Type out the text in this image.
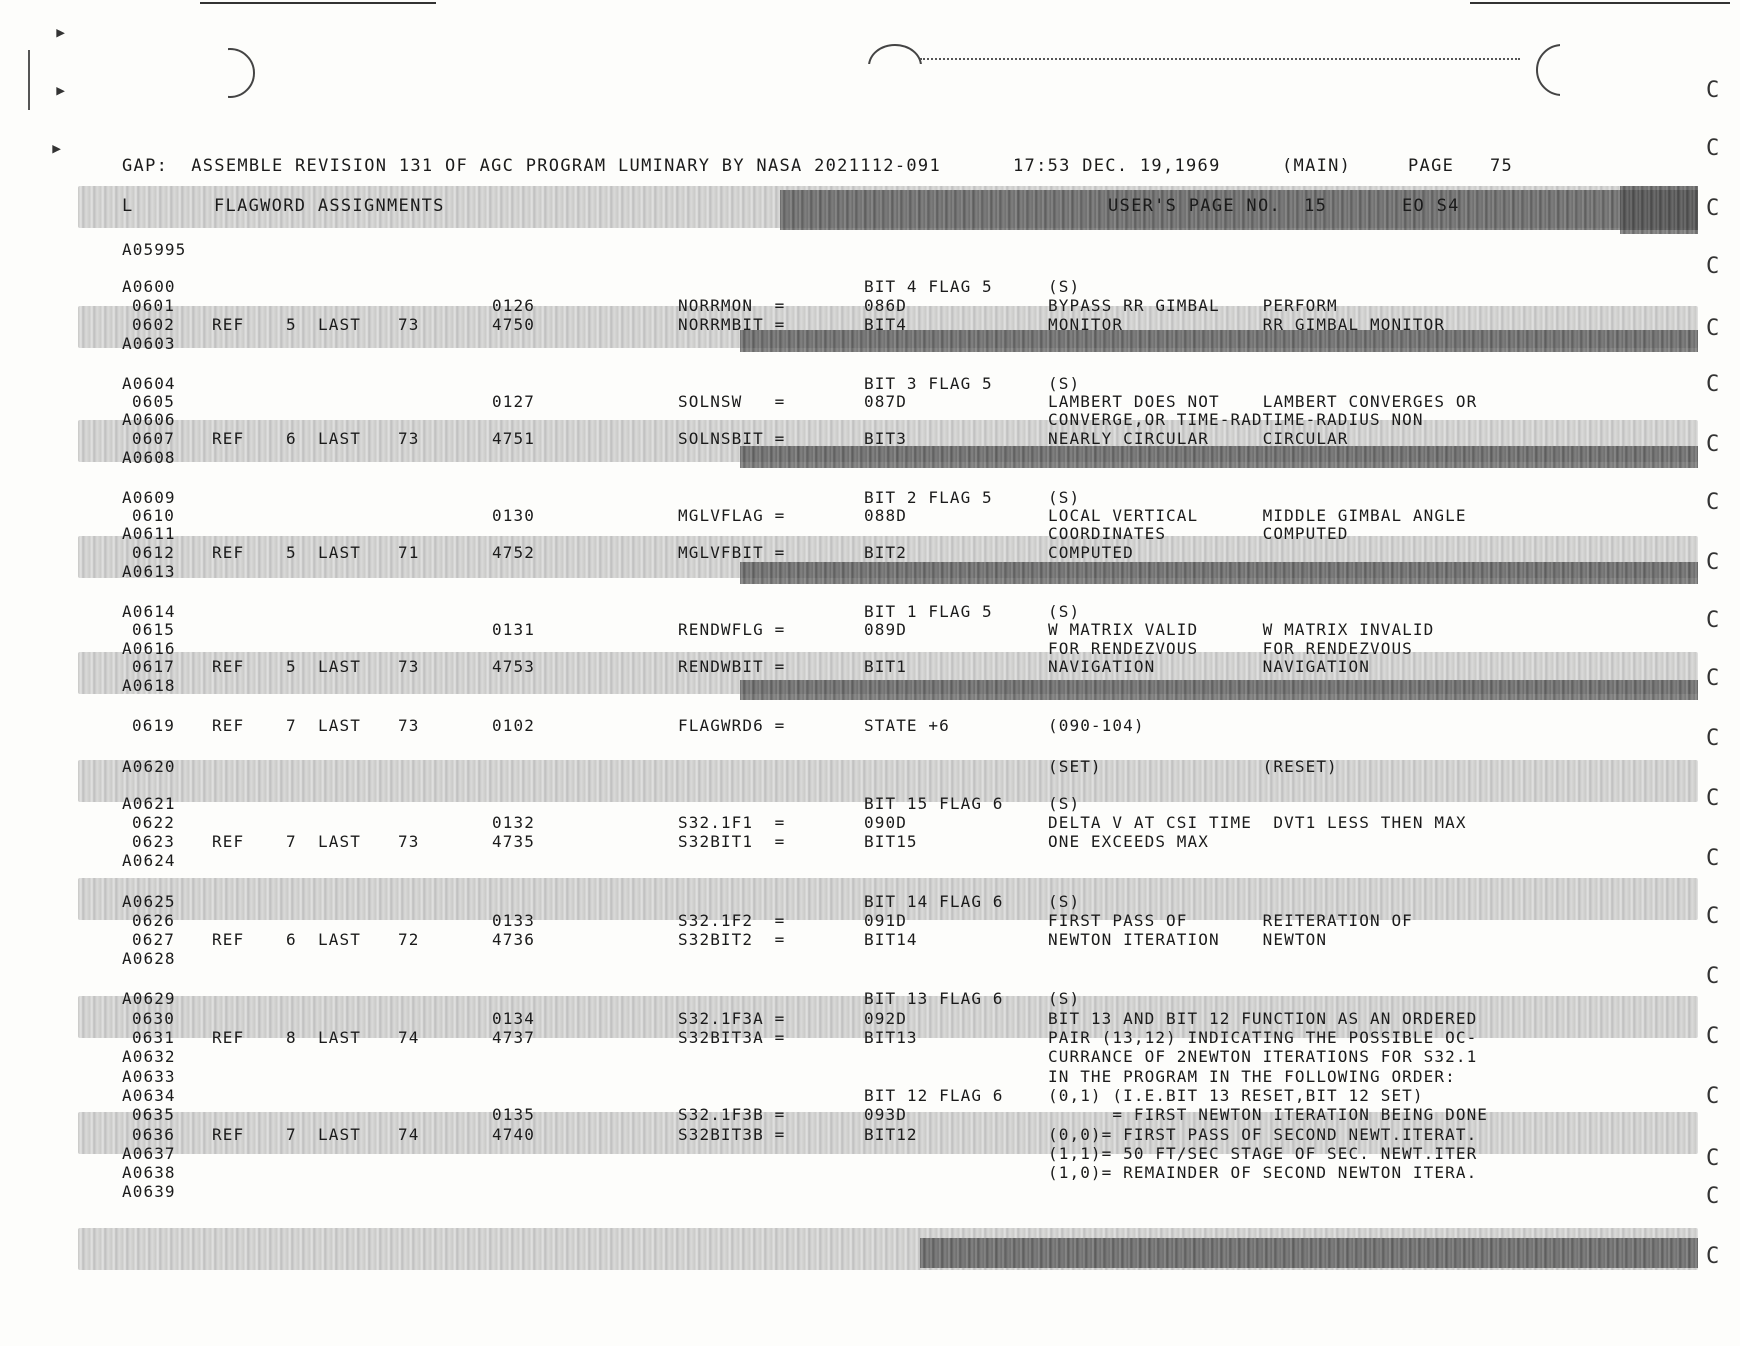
▸
▸
▸
C
C
C
C
C
C
C
C
C
C
C
C
C
C
C
C
C
C
C
C
C
GAP:  ASSEMBLE REVISION 131 OF AGC PROGRAM LUMINARY BY NASA 2021112-091	17:53 DEC. 19,1969	(MAIN)	PAGE 75
L	FLAGWORD ASSIGNMENTS	USER'S PAGE NO.  15	EO S4
A05995
A0600	BIT 4 FLAG 5	(S)
0601	0126	NORRMON  =	086D	BYPASS RR GIMBAL    PERFORM
0602 REF	5 LAST 73	4750	NORRMBIT =	BIT4	MONITOR             RR GIMBAL MONITOR
A0603
A0604	BIT 3 FLAG 5	(S)
0605	0127	SOLNSW   =	087D	LAMBERT DOES NOT    LAMBERT CONVERGES OR
A0606	CONVERGE,OR TIME-RADTIME-RADIUS NON
0607 REF	6 LAST 73	4751	SOLNSBIT =	BIT3	NEARLY CIRCULAR     CIRCULAR
A0608
A0609	BIT 2 FLAG 5	(S)
0610	0130	MGLVFLAG =	088D	LOCAL VERTICAL      MIDDLE GIMBAL ANGLE
A0611	COORDINATES         COMPUTED
0612 REF	5 LAST 71	4752	MGLVFBIT =	BIT2	COMPUTED
A0613
A0614	BIT 1 FLAG 5	(S)
0615	0131	RENDWFLG =	089D	W MATRIX VALID      W MATRIX INVALID
A0616	FOR RENDEZVOUS      FOR RENDEZVOUS
0617 REF	5 LAST 73	4753	RENDWBIT =	BIT1	NAVIGATION          NAVIGATION
A0618
0619 REF	7 LAST 73	0102	FLAGWRD6 =	STATE +6	(090-104)
A0620	(SET)               (RESET)
A0621	BIT 15 FLAG 6	(S)
0622	0132	S32.1F1  =	090D	DELTA V AT CSI TIME  DVT1 LESS THEN MAX
0623 REF	7 LAST 73	4735	S32BIT1  =	BIT15	ONE EXCEEDS MAX
A0624
A0625	BIT 14 FLAG 6	(S)
0626	0133	S32.1F2  =	091D	FIRST PASS OF       REITERATION OF
0627 REF	6 LAST 72	4736	S32BIT2  =	BIT14	NEWTON ITERATION    NEWTON
A0628
A0629	BIT 13 FLAG 6	(S)
0630	0134	S32.1F3A =	092D	BIT 13 AND BIT 12 FUNCTION AS AN ORDERED
0631 REF	8 LAST 74	4737	S32BIT3A =	BIT13	PAIR (13,12) INDICATING THE POSSIBLE OC-
A0632	CURRANCE OF 2NEWTON ITERATIONS FOR S32.1
A0633	IN THE PROGRAM IN THE FOLLOWING ORDER:
A0634	BIT 12 FLAG 6	(0,1) (I.E.BIT 13 RESET,BIT 12 SET)
0635	0135	S32.1F3B =	093D	= FIRST NEWTON ITERATION BEING DONE
0636 REF	7 LAST 74	4740	S32BIT3B =	BIT12	(0,0)= FIRST PASS OF SECOND NEWT.ITERAT.
A0637	(1,1)= 50 FT/SEC STAGE OF SEC. NEWT.ITER
A0638	(1,0)= REMAINDER OF SECOND NEWTON ITERA.
A0639
